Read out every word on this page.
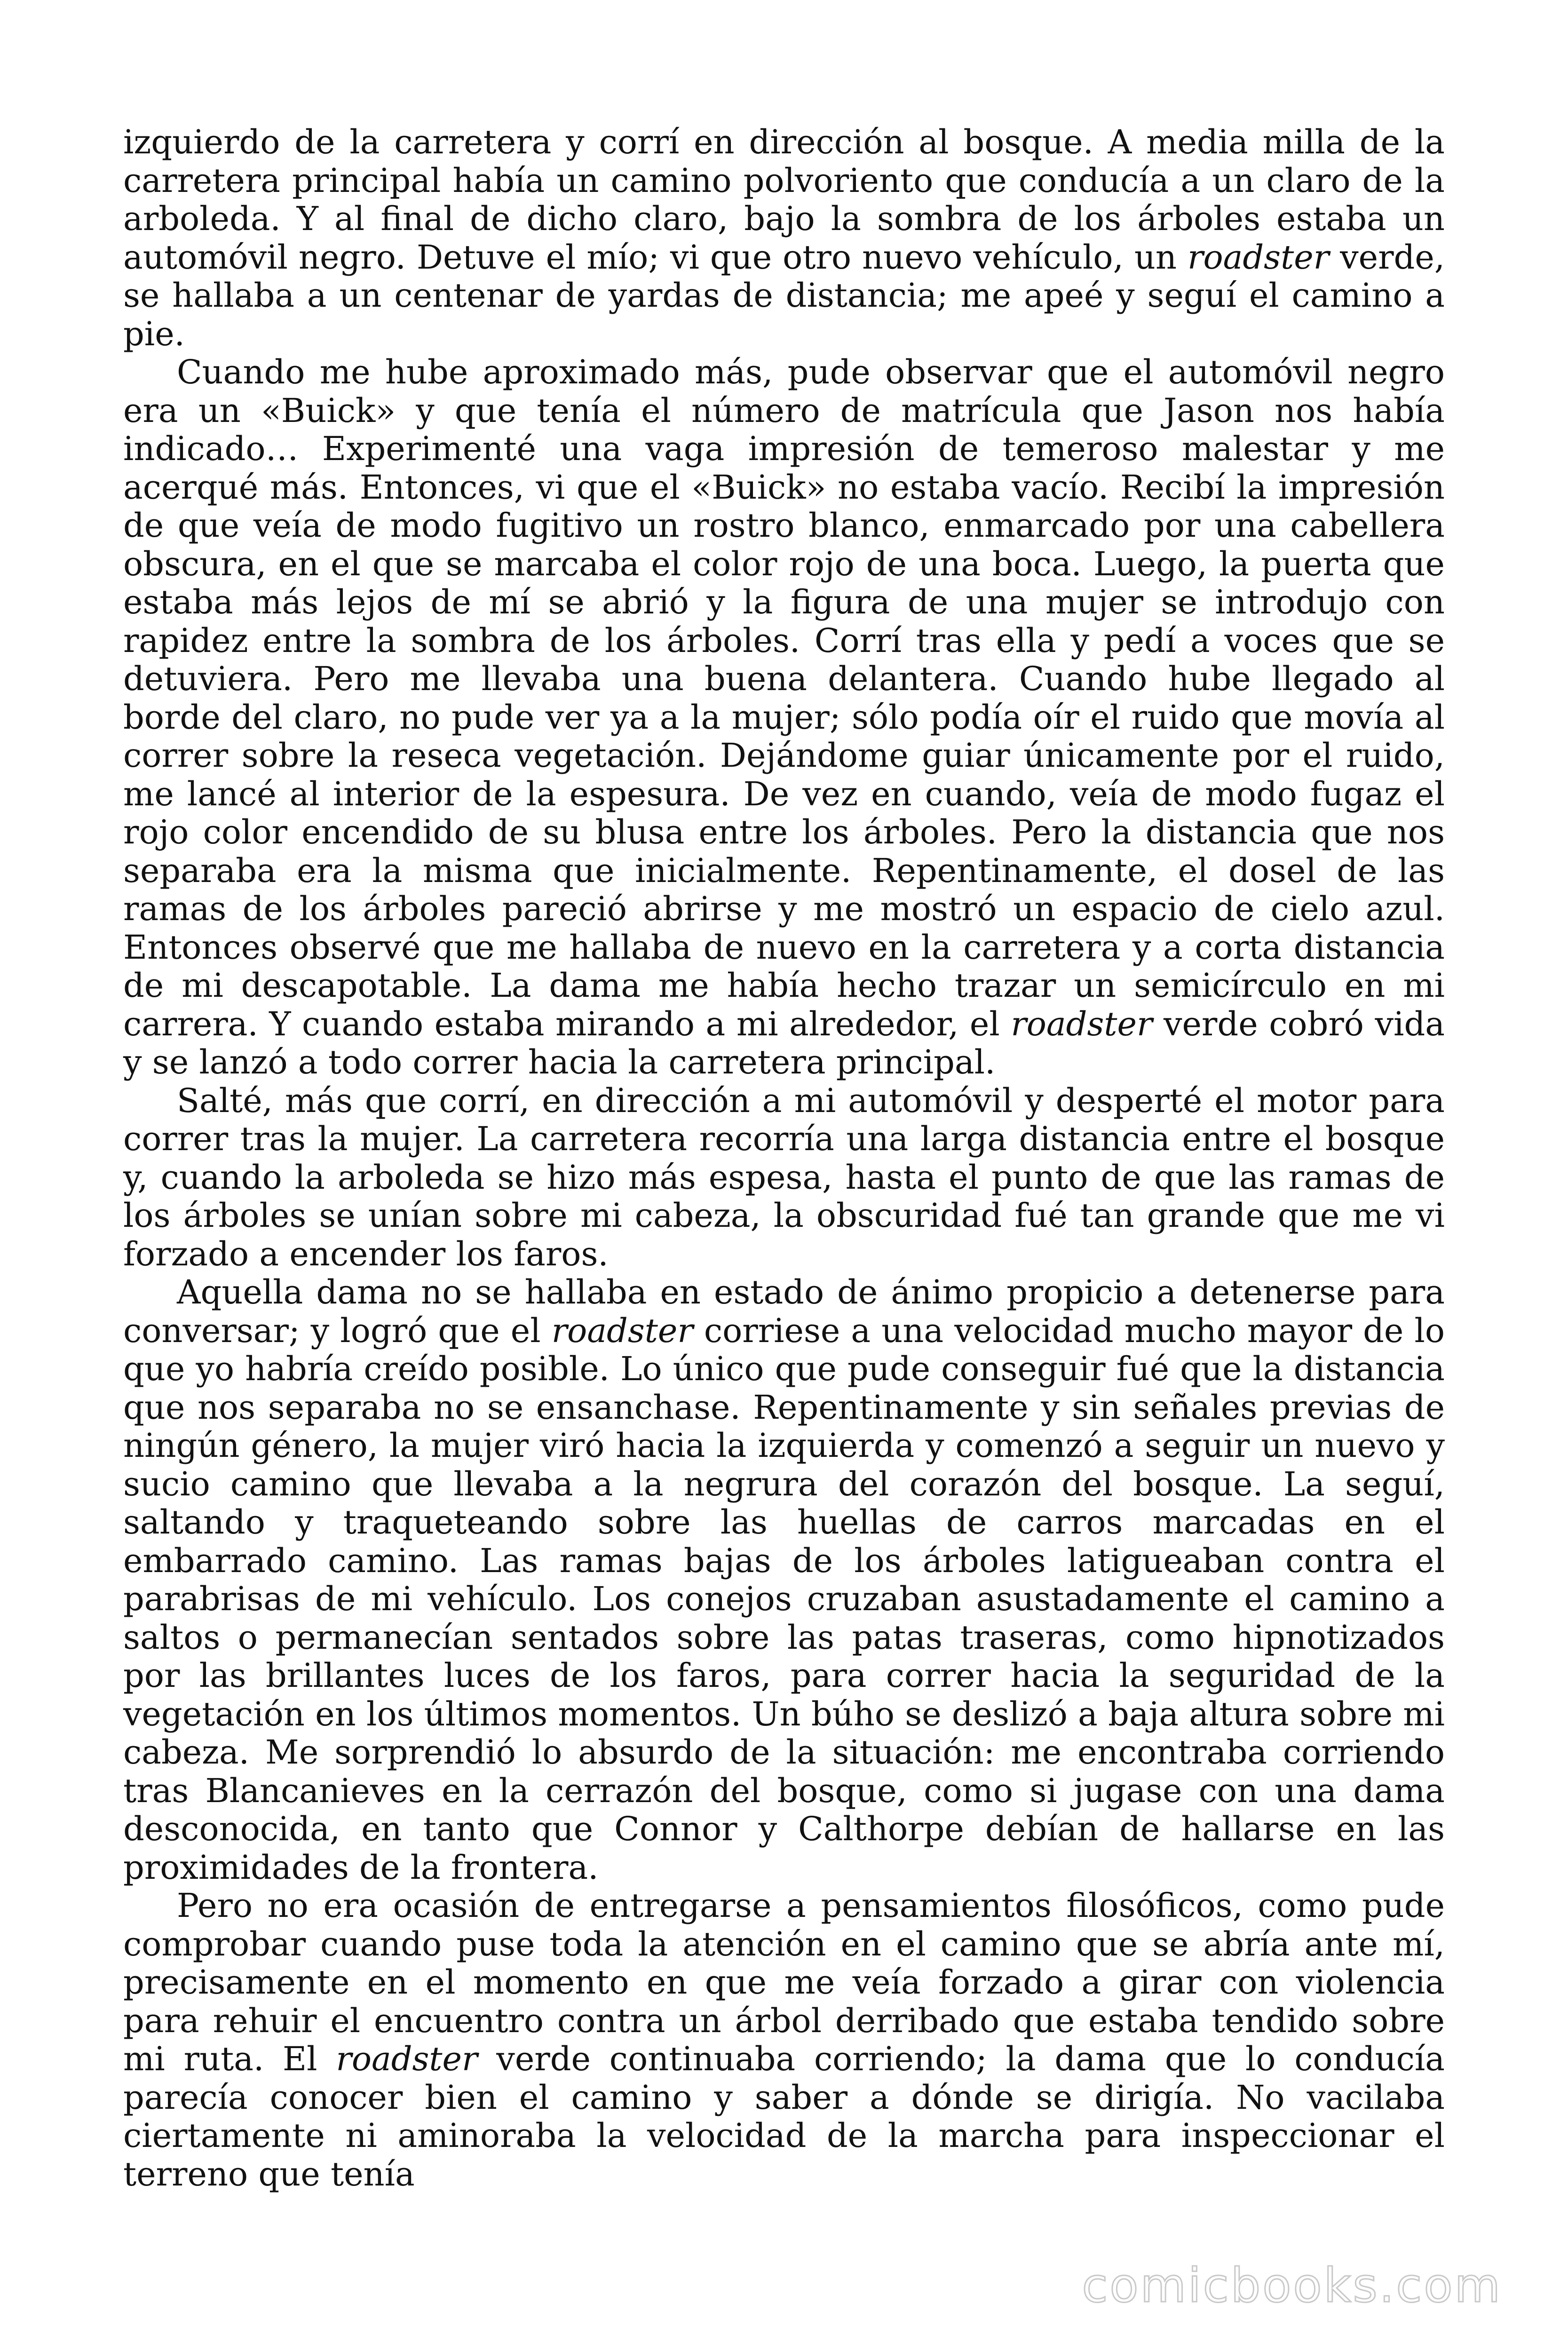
izquierdo de la carretera y corrí en dirección al bosque. A media milla de la carretera principal había un camino polvoriento que conducía a un claro de la arboleda. Y al final de dicho claro, bajo la sombra de los árboles estaba un automóvil negro. Detuve el mío; vi que otro nuevo vehículo, un roadster verde, se hallaba a un centenar de yardas de distancia; me apeé y seguí el camino a pie.

Cuando me hube aproximado más, pude observar que el automóvil negro era un «Buick» y que tenía el número de matrícula que Jason nos había indicado… Experimenté una vaga impresión de temeroso malestar y me acerqué más. Entonces, vi que el «Buick» no estaba vacío. Recibí la impresión de que veía de modo fugitivo un rostro blanco, enmarcado por una cabellera obscura, en el que se marcaba el color rojo de una boca. Luego, la puerta que estaba más lejos de mí se abrió y la figura de una mujer se introdujo con rapidez entre la sombra de los árboles. Corrí tras ella y pedí a voces que se detuviera. Pero me llevaba una buena delantera. Cuando hube llegado al borde del claro, no pude ver ya a la mujer; sólo podía oír el ruido que movía al correr sobre la reseca vegetación. Dejándome guiar únicamente por el ruido, me lancé al interior de la espesura. De vez en cuando, veía de modo fugaz el rojo color encendido de su blusa entre los árboles. Pero la distancia que nos separaba era la misma que inicialmente. Repentinamente, el dosel de las ramas de los árboles pareció abrirse y me mostró un espacio de cielo azul. Entonces observé que me hallaba de nuevo en la carretera y a corta distancia de mi descapotable. La dama me había hecho trazar un semicírculo en mi carrera. Y cuando estaba mirando a mi alrededor, el roadster verde cobró vida y se lanzó a todo correr hacia la carretera principal.

Salté, más que corrí, en dirección a mi automóvil y desperté el motor para correr tras la mujer. La carretera recorría una larga distancia entre el bosque y, cuando la arboleda se hizo más espesa, hasta el punto de que las ramas de los árboles se unían sobre mi cabeza, la obscuridad fué tan grande que me vi forzado a encender los faros.

Aquella dama no se hallaba en estado de ánimo propicio a detenerse para conversar; y logró que el roadster corriese a una velocidad mucho mayor de lo que yo habría creído posible. Lo único que pude conseguir fué que la distancia que nos separaba no se ensanchase. Repentinamente y sin señales previas de ningún género, la mujer viró hacia la izquierda y comenzó a seguir un nuevo y sucio camino que llevaba a la negrura del corazón del bosque. La seguí, saltando y traqueteando sobre las huellas de carros marcadas en el embarrado camino. Las ramas bajas de los árboles latigueaban contra el parabrisas de mi vehículo. Los conejos cruzaban asustadamente el camino a saltos o permanecían sentados sobre las patas traseras, como hipnotizados por las brillantes luces de los faros, para correr hacia la seguridad de la vegetación en los últimos momentos. Un búho se deslizó a baja altura sobre mi cabeza. Me sorprendió lo absurdo de la situación: me encontraba corriendo tras Blancanieves en la cerrazón del bosque, como si jugase con una dama desconocida, en tanto que Connor y Calthorpe debían de hallarse en las proximidades de la frontera.

Pero no era ocasión de entregarse a pensamientos filosóficos, como pude comprobar cuando puse toda la atención en el camino que se abría ante mí, precisamente en el momento en que me veía forzado a girar con violencia para rehuir el encuentro contra un árbol derribado que estaba tendido sobre mi ruta. El roadster verde continuaba corriendo; la dama que lo conducía parecía conocer bien el camino y saber a dónde se dirigía. No vacilaba ciertamente ni aminoraba la velocidad de la marcha para inspeccionar el terreno que tenía

comicbooks.com
